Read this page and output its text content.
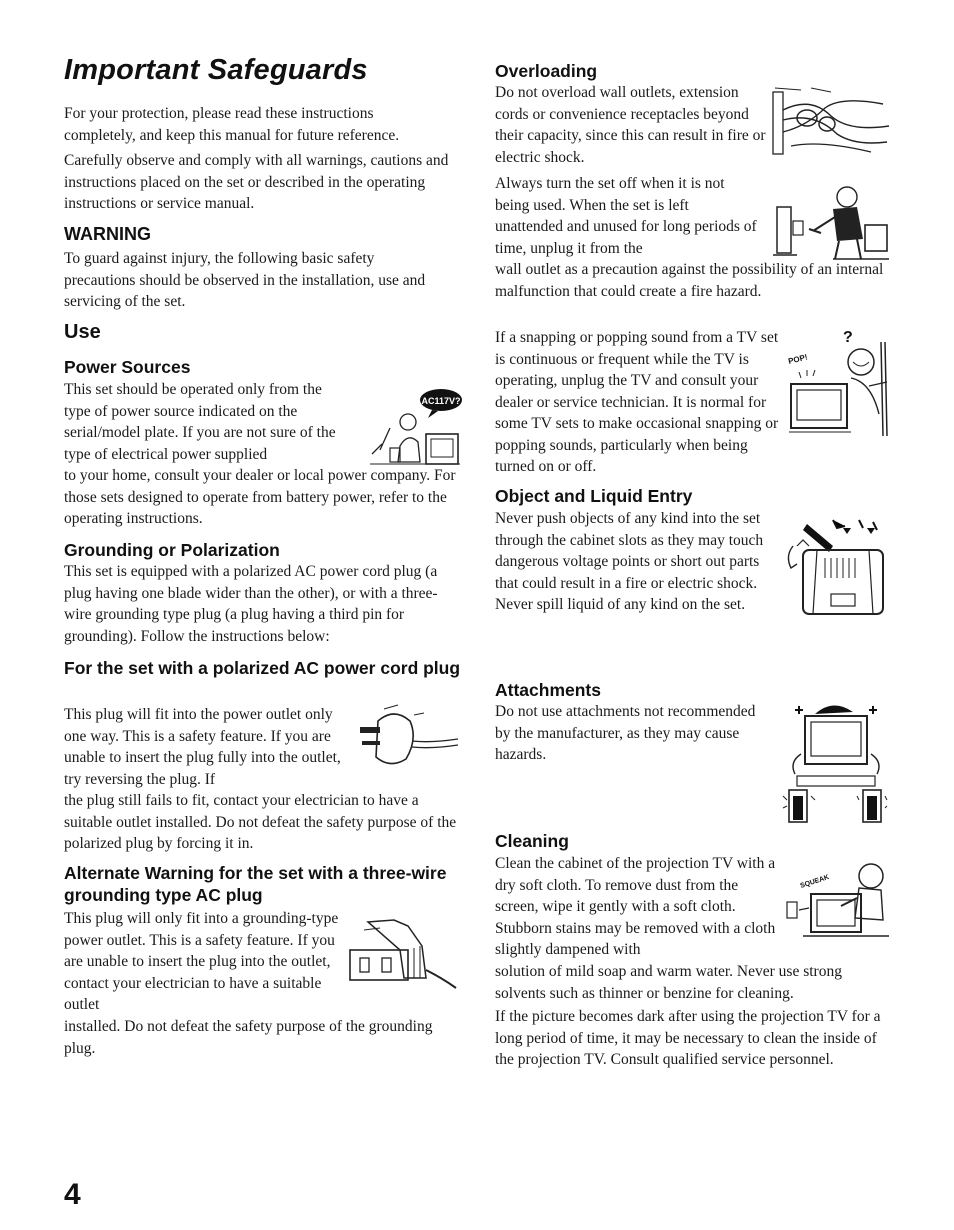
Important Safeguards

For your protection, please read these instructions completely, and keep this manual for future reference.

Carefully observe and comply with all warnings, cautions and instructions placed on the set or described in the operating instructions or service manual.

WARNING

To guard against injury, the following basic safety precautions should be observed in the installation, use and servicing of the set.

Use
Power Sources

This set should be operated only from the type of power source indicated on the serial/model plate. If you are not sure of the type of electrical power supplied

to your home, consult your dealer or local power company. For those sets designed to operate from battery power, refer to the operating instructions.

AC117V?
Grounding or Polarization

This set is equipped with a polarized AC power cord plug (a plug having one blade wider than the other), or with a three-wire grounding type plug (a plug having a third pin for grounding). Follow the instructions below:

For the set with a polarized AC power cord plug

This plug will fit into the power outlet only one way. This is a safety feature. If you are unable to insert the plug fully into the outlet, try reversing the plug. If

the plug still fails to fit, contact your electrician to have a suitable outlet installed. Do not defeat the safety purpose of the polarized plug by forcing it in.

Alternate Warning for the set with a three-wire grounding type AC plug

This plug will only fit into a grounding-type power outlet. This is a safety feature. If you are unable to insert the plug into the outlet, contact your electrician to have a suitable outlet

installed. Do not defeat the safety purpose of the grounding plug.

Overloading

Do not overload wall outlets, extension cords or convenience receptacles beyond their capacity, since this can result in fire or electric shock.

Always turn the set off when it is not being used. When the set is left unattended and unused for long periods of time, unplug it from the

wall outlet as a precaution against the possibility of an internal malfunction that could create a fire hazard.

If a snapping or popping sound from a TV set is continuous or frequent while the TV is operating, unplug the TV and consult your dealer or service technician. It is normal for some TV sets to make occasional snapping or popping sounds, particularly when being turned on or off.

?
POP!
Object and Liquid Entry

Never push objects of any kind into the set through the cabinet slots as they may touch dangerous voltage points or short out parts that could result in a fire or electric shock. Never spill liquid of any kind on the set.

Attachments

Do not use attachments not recommended by the manufacturer, as they may cause hazards.

Cleaning

Clean the cabinet of the projection TV with a dry soft cloth. To remove dust from the screen, wipe it gently with a soft cloth. Stubborn stains may be removed with a cloth slightly dampened with

solution of mild soap and warm water. Never use strong solvents such as thinner or benzine for cleaning.

If the picture becomes dark after using the projection TV for a long period of time, it may be necessary to clean the inside of the projection TV. Consult qualified service personnel.

SQUEAK

4
